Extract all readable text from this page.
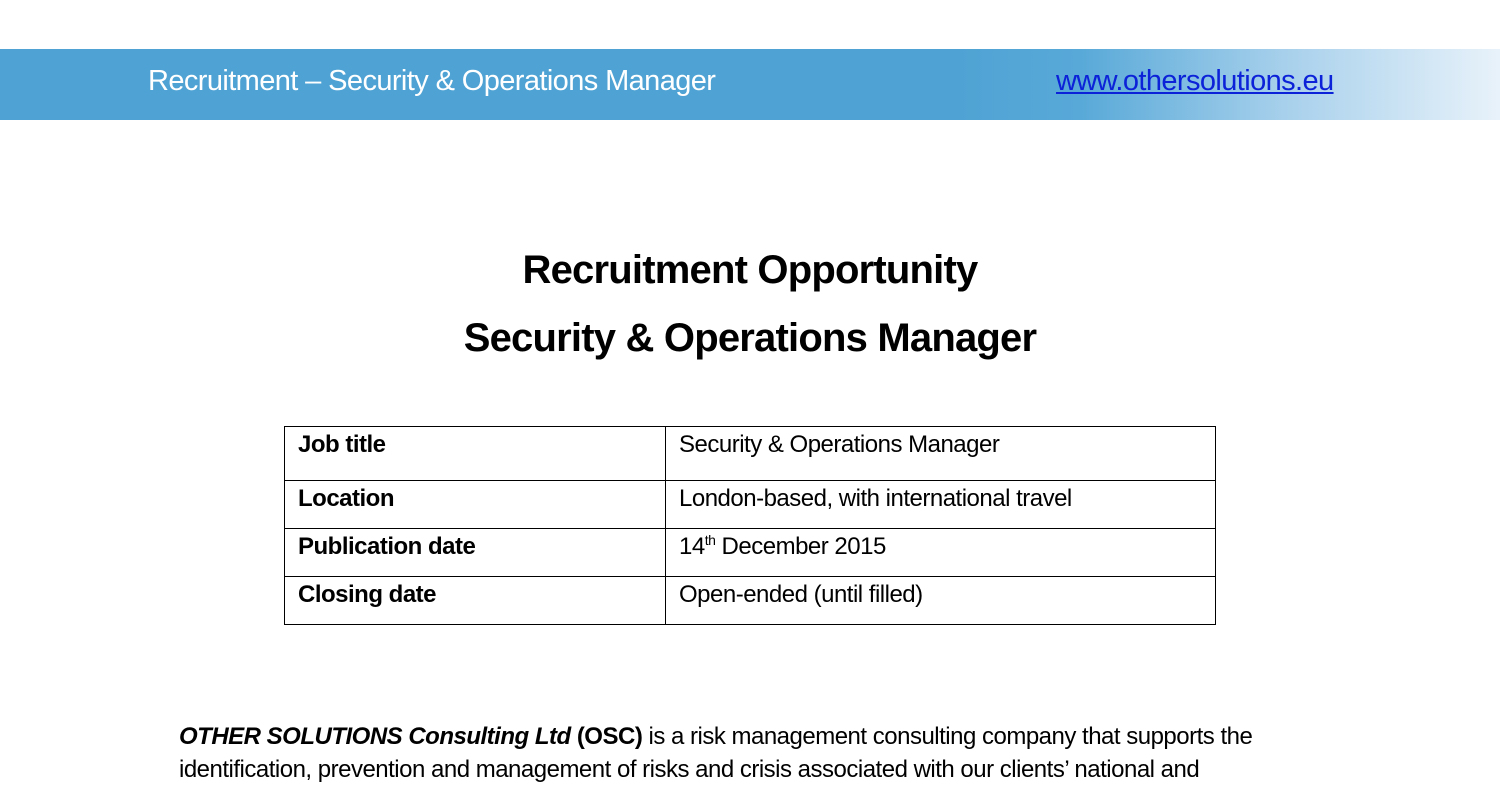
Recruitment – Security & Operations Manager	www.othersolutions.eu
Recruitment Opportunity
Security & Operations Manager
Job title	Security & Operations Manager
Location	London-based, with international travel
Publication date	14th December 2015
Closing date	Open-ended (until filled)
OTHER SOLUTIONS Consulting Ltd (OSC) is a risk management consulting company that supports the
identification, prevention and management of risks and crisis associated with our clients’ national and
